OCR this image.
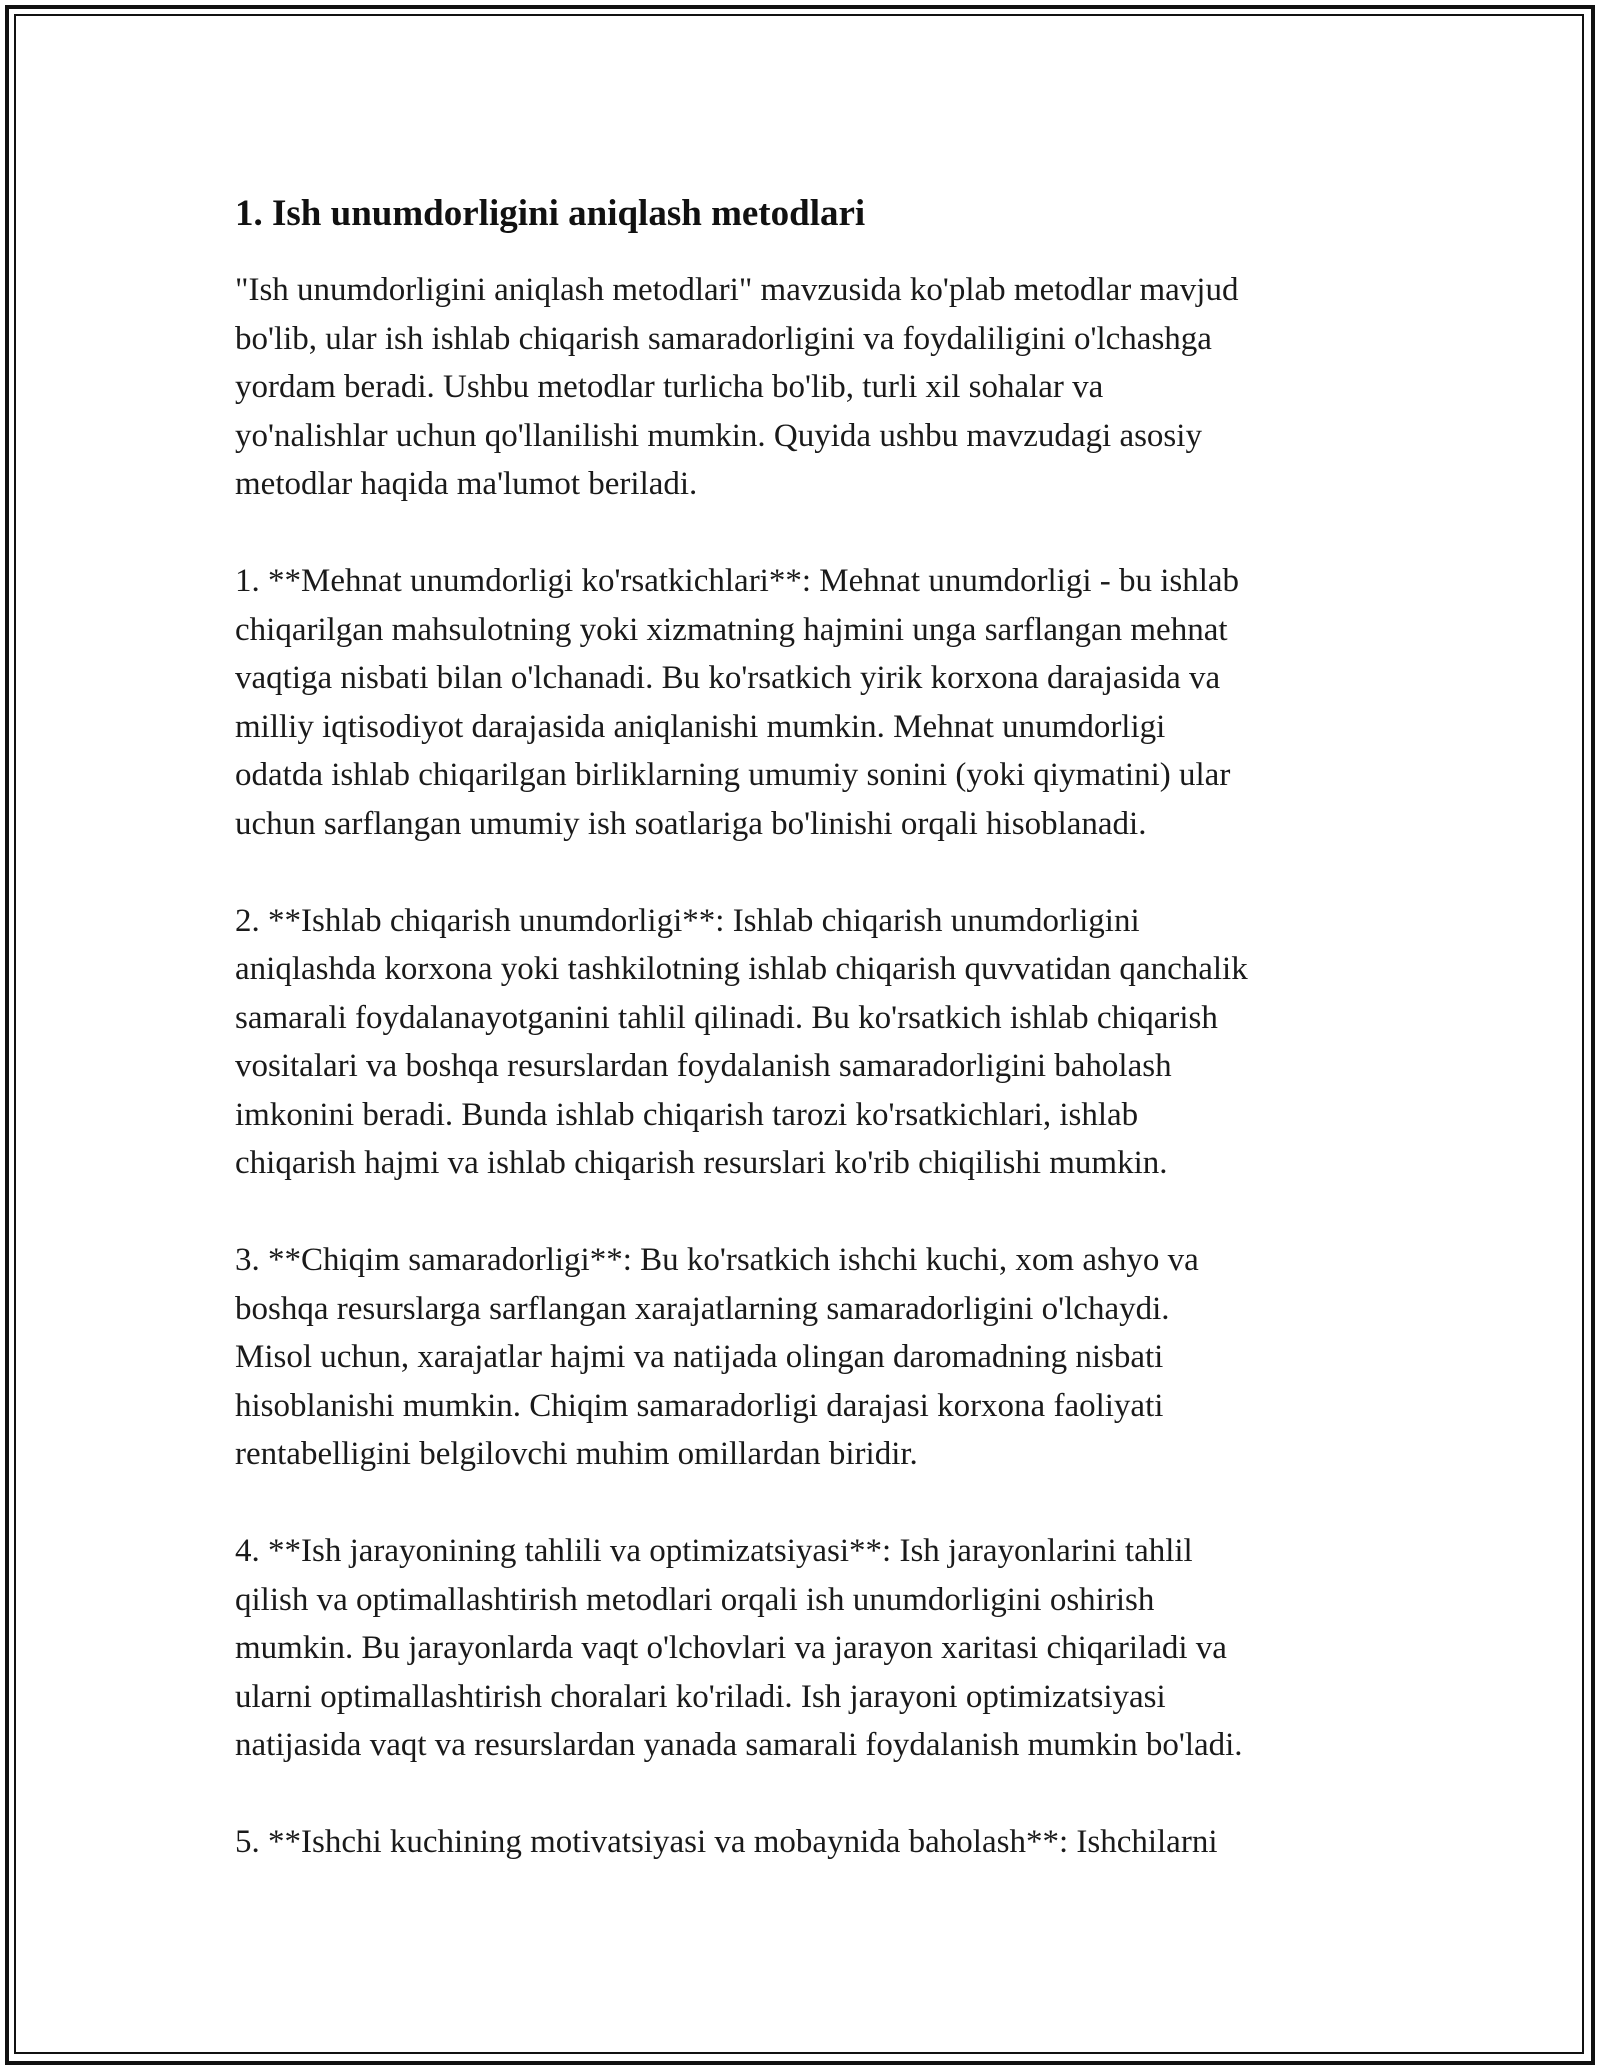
1. Ish unumdorligini aniqlash metodlari

"Ish unumdorligini aniqlash metodlari" mavzusida ko'plab metodlar mavjud
bo'lib, ular ish ishlab chiqarish samaradorligini va foydaliligini o'lchashga
yordam beradi. Ushbu metodlar turlicha bo'lib, turli xil sohalar va
yo'nalishlar uchun qo'llanilishi mumkin. Quyida ushbu mavzudagi asosiy
metodlar haqida ma'lumot beriladi.

1. **Mehnat unumdorligi ko'rsatkichlari**: Mehnat unumdorligi - bu ishlab
chiqarilgan mahsulotning yoki xizmatning hajmini unga sarflangan mehnat
vaqtiga nisbati bilan o'lchanadi. Bu ko'rsatkich yirik korxona darajasida va
milliy iqtisodiyot darajasida aniqlanishi mumkin. Mehnat unumdorligi
odatda ishlab chiqarilgan birliklarning umumiy sonini (yoki qiymatini) ular
uchun sarflangan umumiy ish soatlariga bo'linishi orqali hisoblanadi.

2. **Ishlab chiqarish unumdorligi**: Ishlab chiqarish unumdorligini
aniqlashda korxona yoki tashkilotning ishlab chiqarish quvvatidan qanchalik
samarali foydalanayotganini tahlil qilinadi. Bu ko'rsatkich ishlab chiqarish
vositalari va boshqa resurslardan foydalanish samaradorligini baholash
imkonini beradi. Bunda ishlab chiqarish tarozi ko'rsatkichlari, ishlab
chiqarish hajmi va ishlab chiqarish resurslari ko'rib chiqilishi mumkin.

3. **Chiqim samaradorligi**: Bu ko'rsatkich ishchi kuchi, xom ashyo va
boshqa resurslarga sarflangan xarajatlarning samaradorligini o'lchaydi.
Misol uchun, xarajatlar hajmi va natijada olingan daromadning nisbati
hisoblanishi mumkin. Chiqim samaradorligi darajasi korxona faoliyati
rentabelligini belgilovchi muhim omillardan biridir.

4. **Ish jarayonining tahlili va optimizatsiyasi**: Ish jarayonlarini tahlil
qilish va optimallashtirish metodlari orqali ish unumdorligini oshirish
mumkin. Bu jarayonlarda vaqt o'lchovlari va jarayon xaritasi chiqariladi va
ularni optimallashtirish choralari ko'riladi. Ish jarayoni optimizatsiyasi
natijasida vaqt va resurslardan yanada samarali foydalanish mumkin bo'ladi.

5. **Ishchi kuchining motivatsiyasi va mobaynida baholash**: Ishchilarni
